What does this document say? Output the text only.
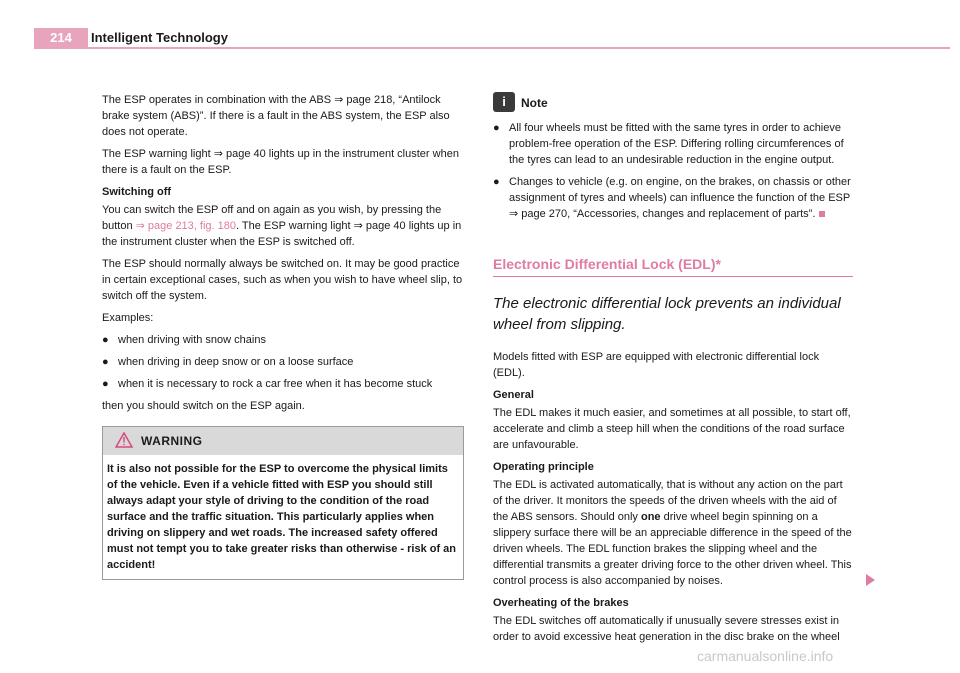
214	Intelligent Technology

The ESP operates in combination with the ABS ⇒ page 218, “Antilock brake system (ABS)”. If there is a fault in the ABS system, the ESP also does not operate.

The ESP warning light ⇒ page 40 lights up in the instrument cluster when there is a fault on the ESP.

Switching off

You can switch the ESP off and on again as you wish, by pressing the button ⇒ page 213, fig. 180. The ESP warning light ⇒ page 40 lights up in the instrument cluster when the ESP is switched off.

The ESP should normally always be switched on. It may be good practice in certain exceptional cases, such as when you wish to have wheel slip, to switch off the system.

Examples:

● when driving with snow chains

● when driving in deep snow or on a loose surface

● when it is necessary to rock a car free when it has become stuck

then you should switch on the ESP again.

WARNING
It is also not possible for the ESP to overcome the physical limits of the vehicle. Even if a vehicle fitted with ESP you should still always adapt your style of driving to the condition of the road surface and the traffic situation. This particularly applies when driving on slippery and wet roads. The increased safety offered must not tempt you to take greater risks than otherwise - risk of an accident!
i	Note

● All four wheels must be fitted with the same tyres in order to achieve problem-free operation of the ESP. Differing rolling circumferences of the tyres can lead to an undesirable reduction in the engine output.

● Changes to vehicle (e.g. on engine, on the brakes, on chassis or other assignment of tyres and wheels) can influence the function of the ESP ⇒ page 270, “Accessories, changes and replacement of parts”.

Electronic Differential Lock (EDL)*
The electronic differential lock prevents an individual wheel from slipping.

Models fitted with ESP are equipped with electronic differential lock (EDL).

General

The EDL makes it much easier, and sometimes at all possible, to start off, accelerate and climb a steep hill when the conditions of the road surface are unfavourable.

Operating principle

The EDL is activated automatically, that is without any action on the part of the driver. It monitors the speeds of the driven wheels with the aid of the ABS sensors. Should only one drive wheel begin spinning on a slippery surface there will be an appreciable difference in the speed of the driven wheels. The EDL function brakes the slipping wheel and the differential transmits a greater driving force to the other driven wheel. This control process is also accompanied by noises.

Overheating of the brakes

The EDL switches off automatically if unusually severe stresses exist in order to avoid excessive heat generation in the disc brake on the wheel

carmanualsonline.info
